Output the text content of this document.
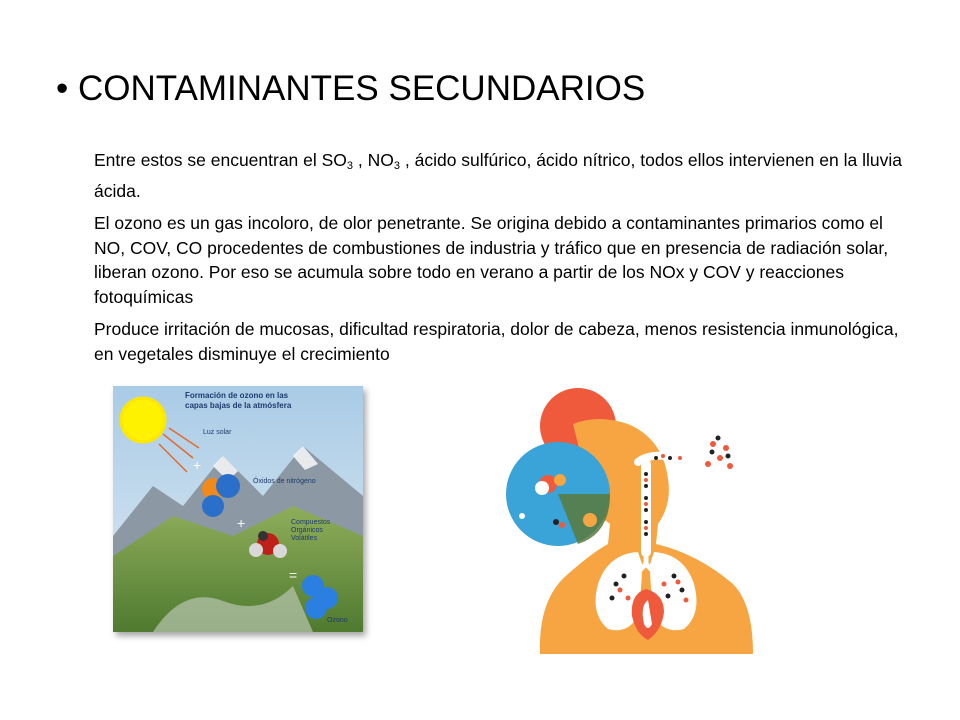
• CONTAMINANTES SECUNDARIOS

Entre estos se encuentran el $SO_3$ , $NO_3$ , ácido sulfúrico, ácido nítrico, todos ellos intervienen en la lluvia ácida.

El ozono es un gas incoloro, de olor penetrante. Se origina debido a contaminantes primarios como el NO, COV, CO procedentes de combustiones de industria y tráfico que en presencia de radiación solar, liberan ozono. Por eso se acumula sobre todo en verano a partir de los NOx y COV y reacciones fotoquímicas

Produce irritación de mucosas, dificultad respiratoria, dolor de cabeza, menos resistencia inmunológica, en vegetales disminuye el crecimiento

Formación de ozono en las
capas bajas de la atmósfera
Luz solar
+
Óxidos de nitrógeno
+	Compuestos
Orgánicos
Volátiles
=
Ozono
